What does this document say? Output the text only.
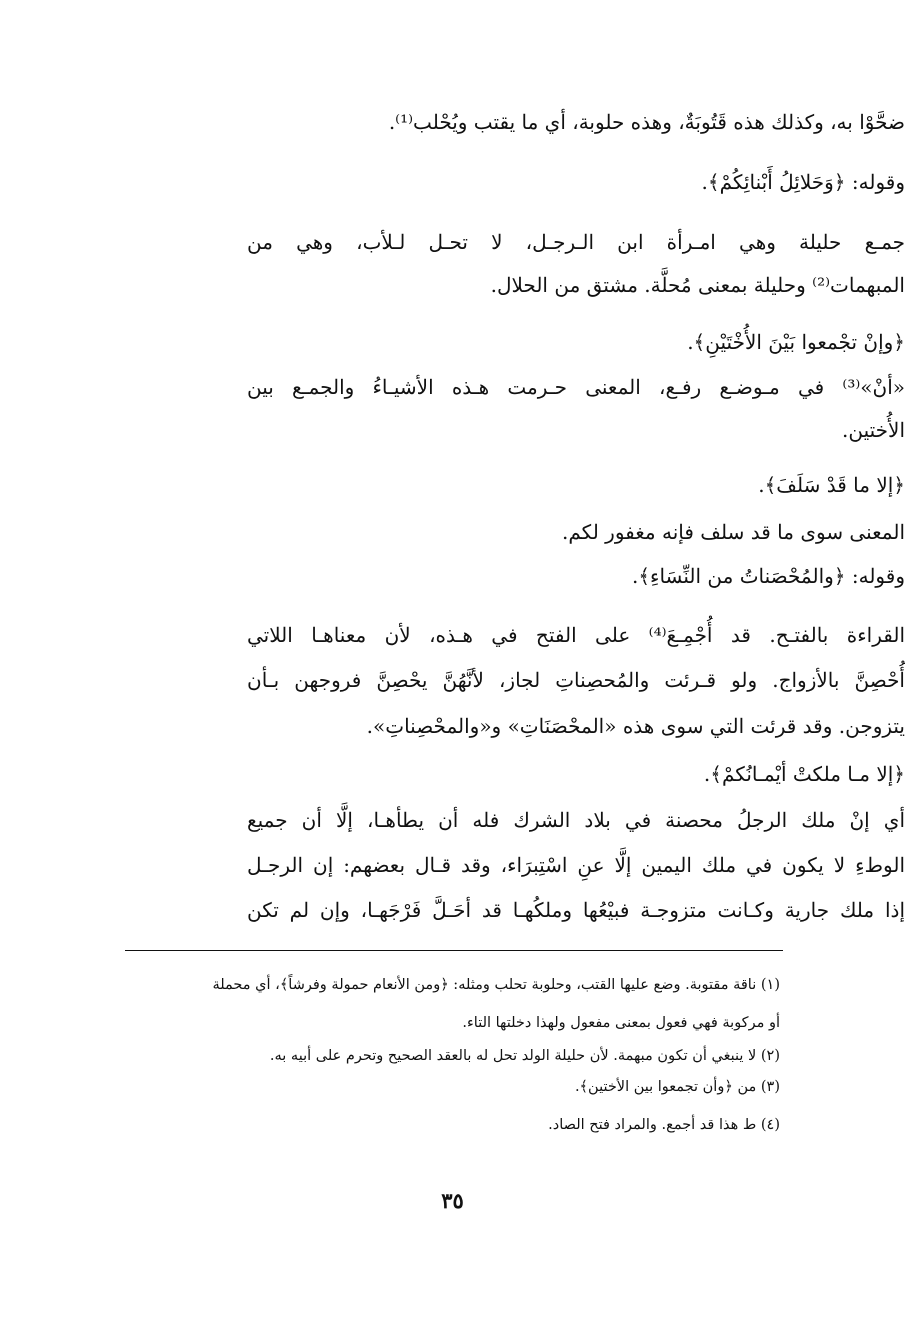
ضحَّوْا به، وكذلك هذه قَتُوبَةٌ، وهذه حلوبة، أي ما يقتب ويُحْلب⁽¹⁾.
وقوله: ﴿وَحَلائِلُ أَبْنائِكُمْ﴾.
جمـع حليلة وهي امـرأة ابن الـرجـل، لا تحـل لـلأب، وهي من
المبهمات⁽²⁾ وحليلة بمعنى مُحلَّة. مشتق من الحلال.
﴿وإنْ تجْمعوا بَيْنَ الأُخْتَيْنِ﴾.
«أنْ»⁽³⁾ في مـوضـع رفـع، المعنى حـرمت هـذه الأشيـاءُ والجمـع بين
الأُختين.
﴿إلا ما قَدْ سَلَفَ﴾.
المعنى سوى ما قد سلف فإنه مغفور لكم.
وقوله: ﴿والمُحْصَناتُ من النِّسَاءِ﴾.
القراءة بالفتـح. قد أُجْمِـعَ⁽⁴⁾ على الفتح في هـذه، لأن معناهـا اللاتي
أُحْصِنَّ بالأزواج. ولو قـرئت والمُحصِناتِ لجاز، لأنَّهُنَّ يحْصِنَّ فروجهن بـأن
يتزوجن. وقد قرئت التي سوى هذه «المحْصَنَاتِ» و«والمحْصِناتِ».
﴿إلا مـا ملكتْ أيْمـانُكمْ﴾.
أي إنْ ملك الرجلُ محصنة في بلاد الشرك فله أن يطأهـا، إلَّا أن جميع
الوطءِ لا يكون في ملك اليمين إلَّا عنِ اسْتِبرَاء، وقد قـال بعضهم: إن الرجـل
إذا ملك جارية وكـانت متزوجـة فبيْعُها وملكُهـا قد أحَـلَّ فَرْجَهـا، وإن لم تكن
(١) ناقة مقتوبة. وضع عليها القتب، وحلوبة تحلب ومثله: ﴿ومن الأنعام حمولة وفرشاً﴾، أي محملة
أو مركوبة فهي فعول بمعنى مفعول ولهذا دخلتها التاء.
(٢) لا ينبغي أن تكون مبهمة. لأن حليلة الولد تحل له بالعقد الصحيح وتحرم على أبيه به.
(٣) من ﴿وأن تجمعوا بين الأختين﴾.
(٤) ط هذا قد أجمع. والمراد فتح الصاد.
٣٥
